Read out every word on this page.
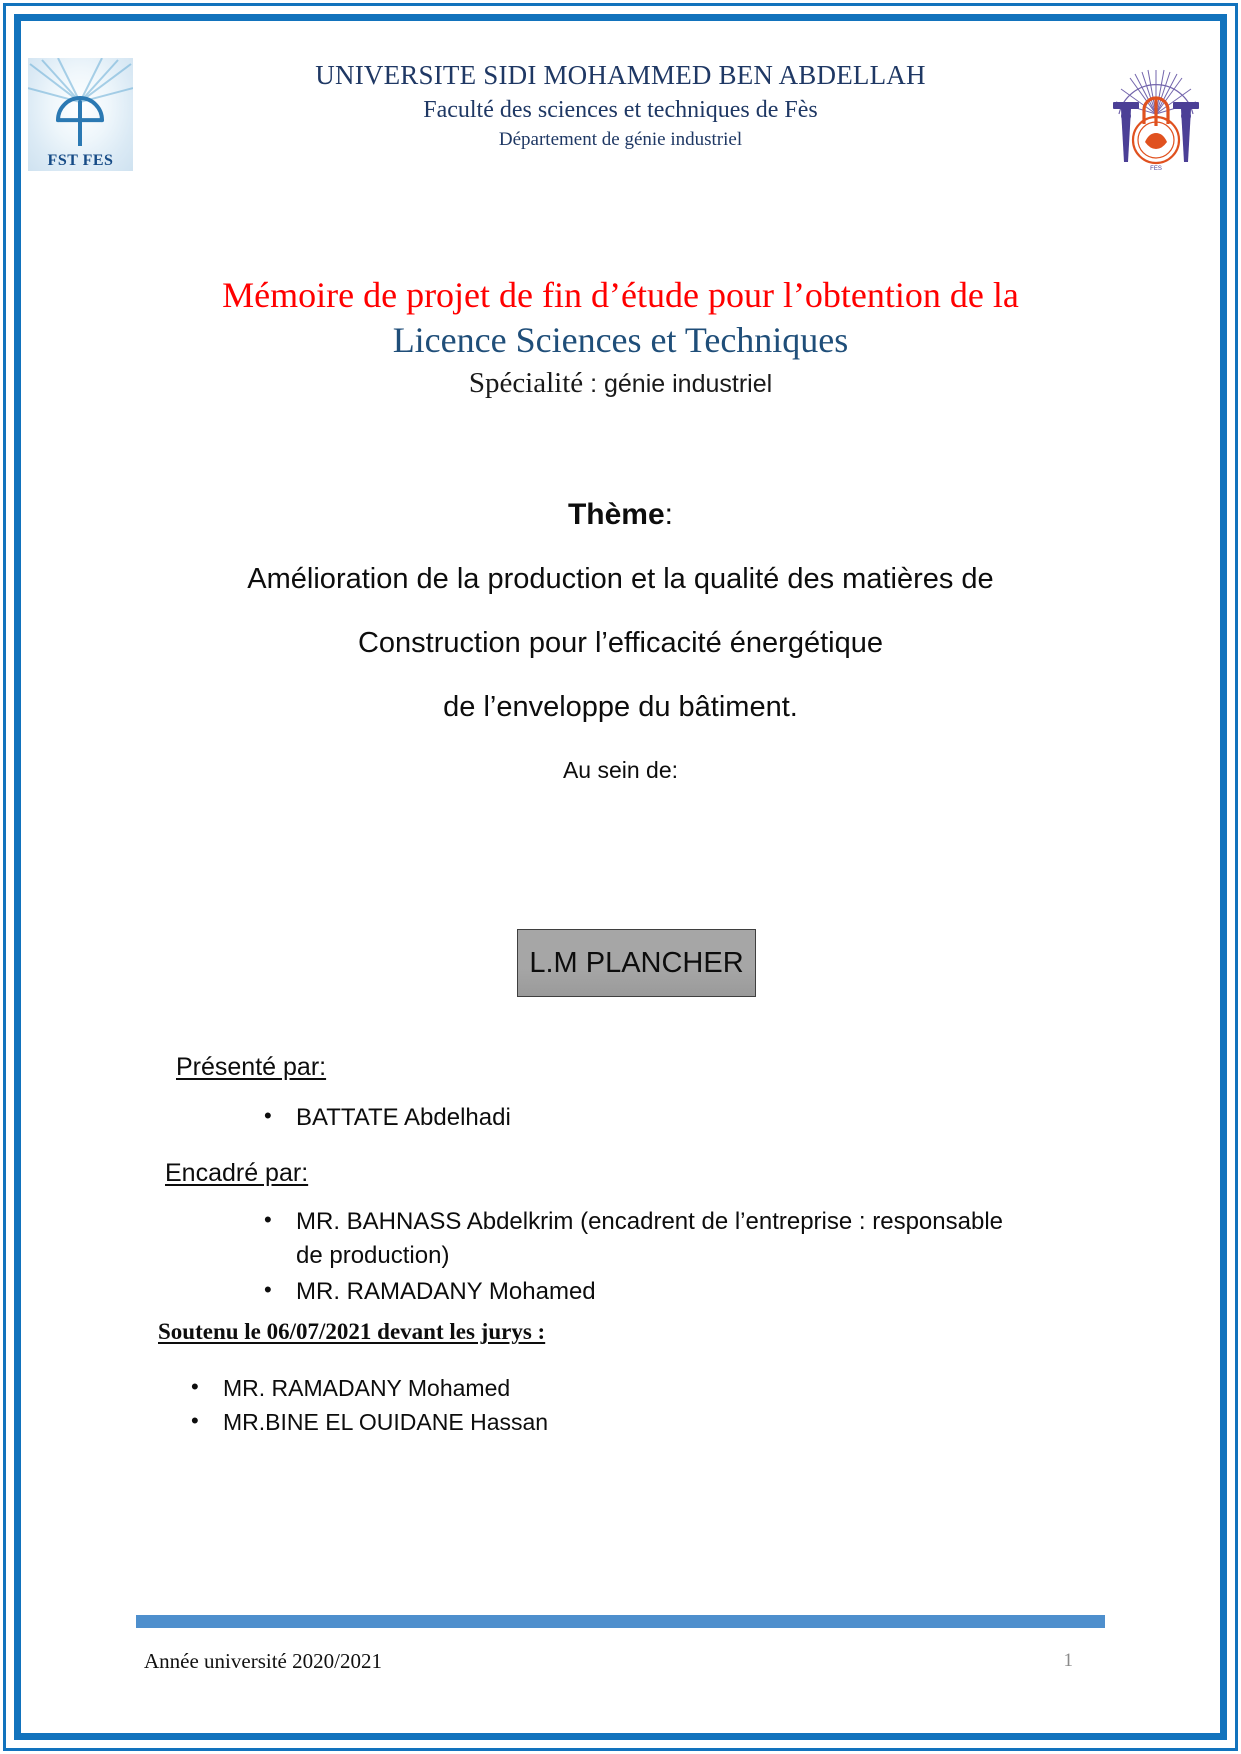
FST FES
UNIVERSITE SIDI MOHAMMED BEN ABDELLAH
Faculté des sciences et techniques de Fès
Département de génie industriel
FES
Mémoire de projet de fin d’étude pour l’obtention de la
Licence Sciences et Techniques
Spécialité : génie industriel
Thème:
Amélioration de la production et la qualité des matières de
Construction pour l’efficacité énergétique
de l’enveloppe du bâtiment.
Au sein de:
L.M PLANCHER
Présenté par:
• BATTATE Abdelhadi
Encadré par:
• MR. BAHNASS Abdelkrim (encadrent de l’entreprise : responsable de production)
• MR. RAMADANY Mohamed
Soutenu le 06/07/2021 devant les jurys :
• MR. RAMADANY Mohamed
• MR.BINE EL OUIDANE Hassan
Année université 2020/2021	1
